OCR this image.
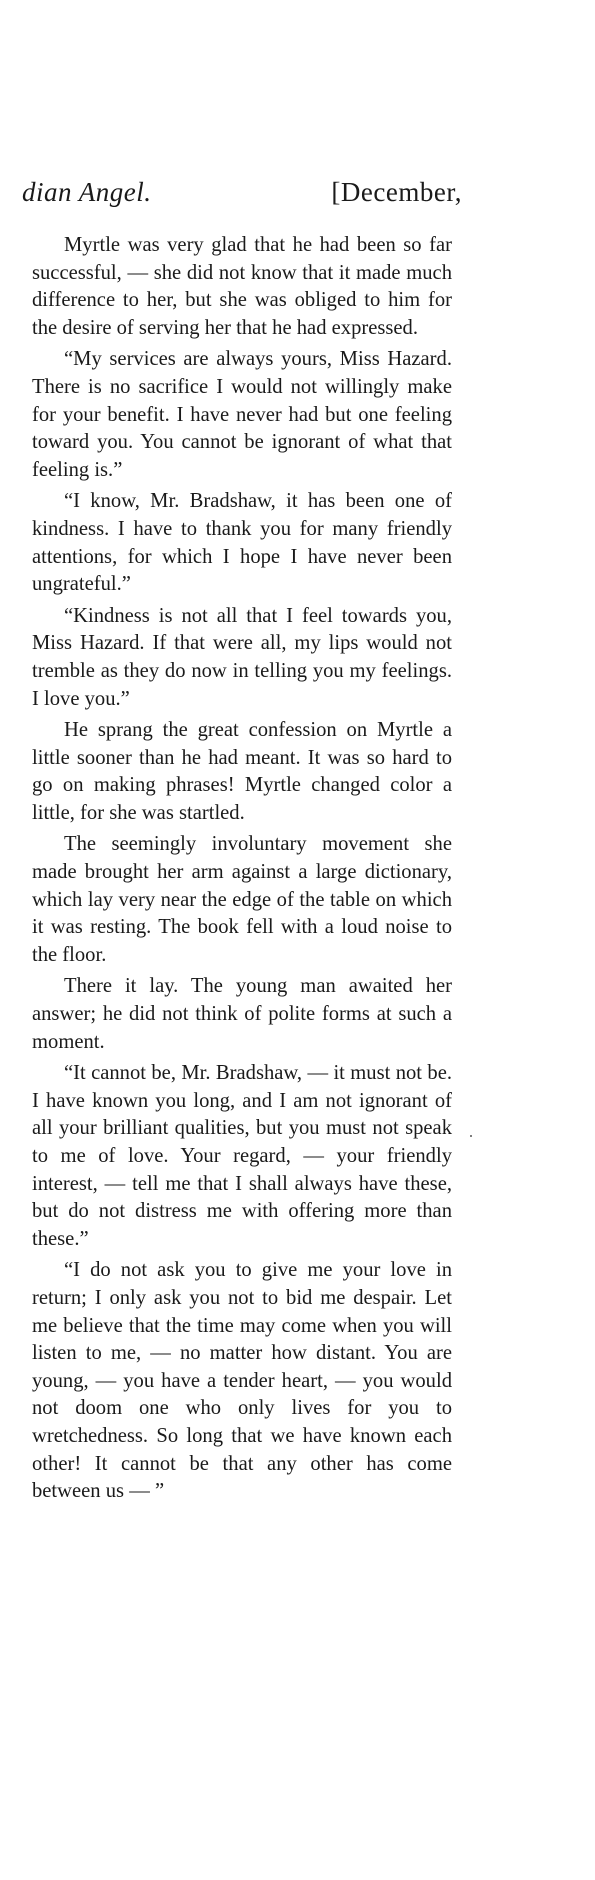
dian Angel.	[December,

Myrtle was very glad that he had been so far successful, — she did not know that it made much difference to her, but she was obliged to him for the desire of serving her that he had expressed.

“My services are always yours, Miss Hazard. There is no sacrifice I would not willingly make for your benefit. I have never had but one feeling toward you. You cannot be ignorant of what that feeling is.”

“I know, Mr. Bradshaw, it has been one of kindness. I have to thank you for many friendly attentions, for which I hope I have never been ungrateful.”

“Kindness is not all that I feel towards you, Miss Hazard. If that were all, my lips would not tremble as they do now in telling you my feelings. I love you.”

He sprang the great confession on Myrtle a little sooner than he had meant. It was so hard to go on making phrases! Myrtle changed color a little, for she was startled.

The seemingly involuntary movement she made brought her arm against a large dictionary, which lay very near the edge of the table on which it was resting. The book fell with a loud noise to the floor.

There it lay. The young man awaited her answer; he did not think of polite forms at such a moment.

“It cannot be, Mr. Bradshaw, — it must not be. I have known you long, and I am not ignorant of all your brilliant qualities, but you must not speak to me of love. Your regard, — your friendly interest, — tell me that I shall always have these, but do not distress me with offering more than these.”

“I do not ask you to give me your love in return; I only ask you not to bid me despair. Let me believe that the time may come when you will listen to me, — no matter how distant. You are young, — you have a tender heart, — you would not doom one who only lives for you to wretchedness. So long that we have known each other! It cannot be that any other has come between us — ”
